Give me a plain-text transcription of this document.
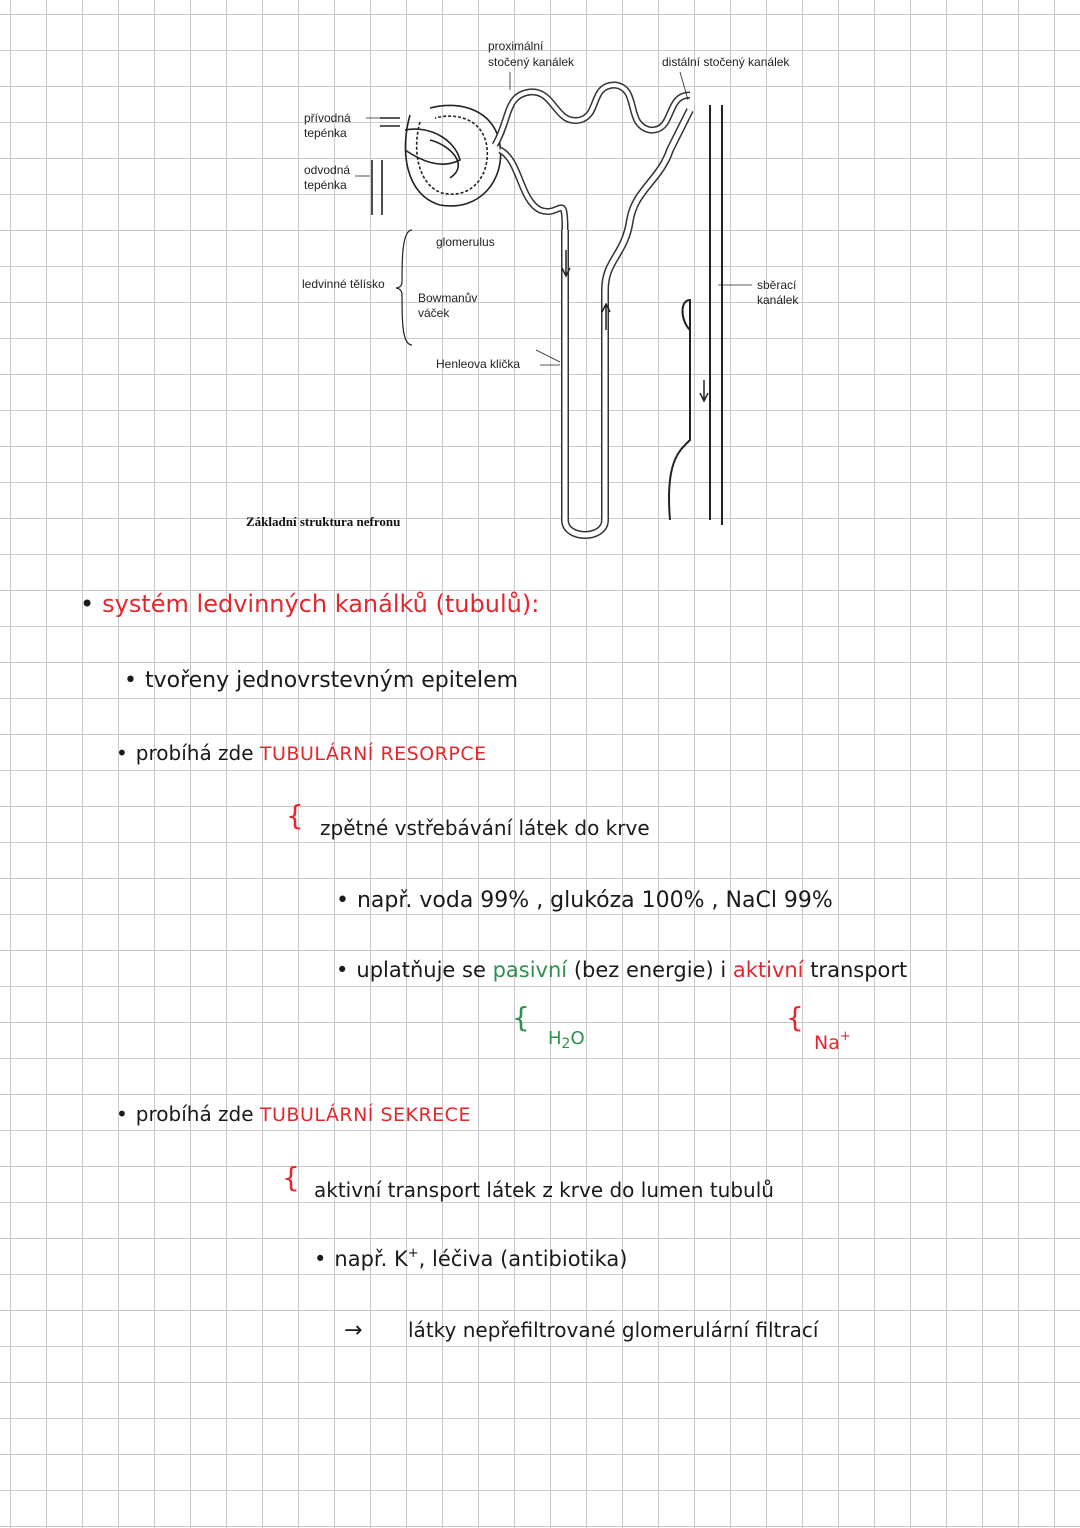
proximální
stočený kanálek	distální stočený kanálek
přívodná
tepénka
odvodná
tepénka
glomerulus
ledvinné tělísko
Bowmanův
váček
sběrací
kanálek
Henleova klička
Základní struktura nefronu
• systém ledvinných kanálků (tubulů):
• tvořeny jednovrstevným epitelem
• probíhá zde TUBULÁRNÍ RESORPCE
{ zpětné vstřebávání látek do krve
• např. voda 99% , glukóza 100% , NaCl 99%
• uplatňuje se pasivní (bez energie) i aktivní transport
{
$H_2O$
{
Na+
• probíhá zde TUBULÁRNÍ SEKRECE
{ aktivní transport látek z krve do lumen tubulů
• např. K+, léčiva (antibiotika)
→ látky nepřefiltrované glomerulární filtrací
